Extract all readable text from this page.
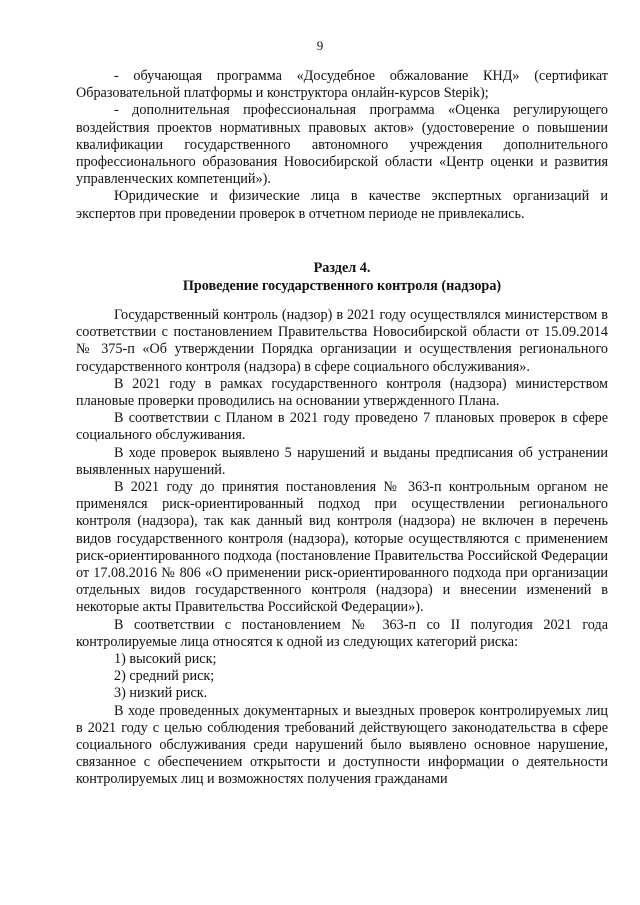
9

- обучающая программа «Досудебное обжалование КНД» (сертификат Образовательной платформы и конструктора онлайн-курсов Stepik);

- дополнительная профессиональная программа «Оценка регулирующего воздействия проектов нормативных правовых актов» (удостоверение о повышении квалификации государственного автономного учреждения дополнительного профессионального образования Новосибирской области «Центр оценки и развития управленческих компетенций»).

Юридические и физические лица в качестве экспертных организаций и экспертов при проведении проверок в отчетном периоде не привлекались.

Раздел 4.
Проведение государственного контроля (надзора)

Государственный контроль (надзор) в 2021 году осуществлялся министерством в соответствии с постановлением Правительства Новосибирской области от 15.09.2014 № 375-п «Об утверждении Порядка организации и осуществления регионального государственного контроля (надзора) в сфере социального обслуживания».

В 2021 году в рамках государственного контроля (надзора) министерством плановые проверки проводились на основании утвержденного Плана.

В соответствии с Планом в 2021 году проведено 7 плановых проверок в сфере социального обслуживания.

В ходе проверок выявлено 5 нарушений и выданы предписания об устранении выявленных нарушений.

В 2021 году до принятия постановления № 363-п контрольным органом не применялся риск-ориентированный подход при осуществлении регионального контроля (надзора), так как данный вид контроля (надзора) не включен в перечень видов государственного контроля (надзора), которые осуществляются с применением риск-ориентированного подхода (постановление Правительства Российской Федерации от 17.08.2016 № 806 «О применении риск-ориентированного подхода при организации отдельных видов государственного контроля (надзора) и внесении изменений в некоторые акты Правительства Российской Федерации»).

В соответствии с постановлением № 363-п со II полугодия 2021 года контролируемые лица относятся к одной из следующих категорий риска:

1) высокий риск;

2) средний риск;

3) низкий риск.

В ходе проведенных документарных и выездных проверок контролируемых лиц в 2021 году с целью соблюдения требований действующего законодательства в сфере социального обслуживания среди нарушений было выявлено основное нарушение, связанное с обеспечением открытости и доступности информации о деятельности контролируемых лиц и возможностях получения гражданами
